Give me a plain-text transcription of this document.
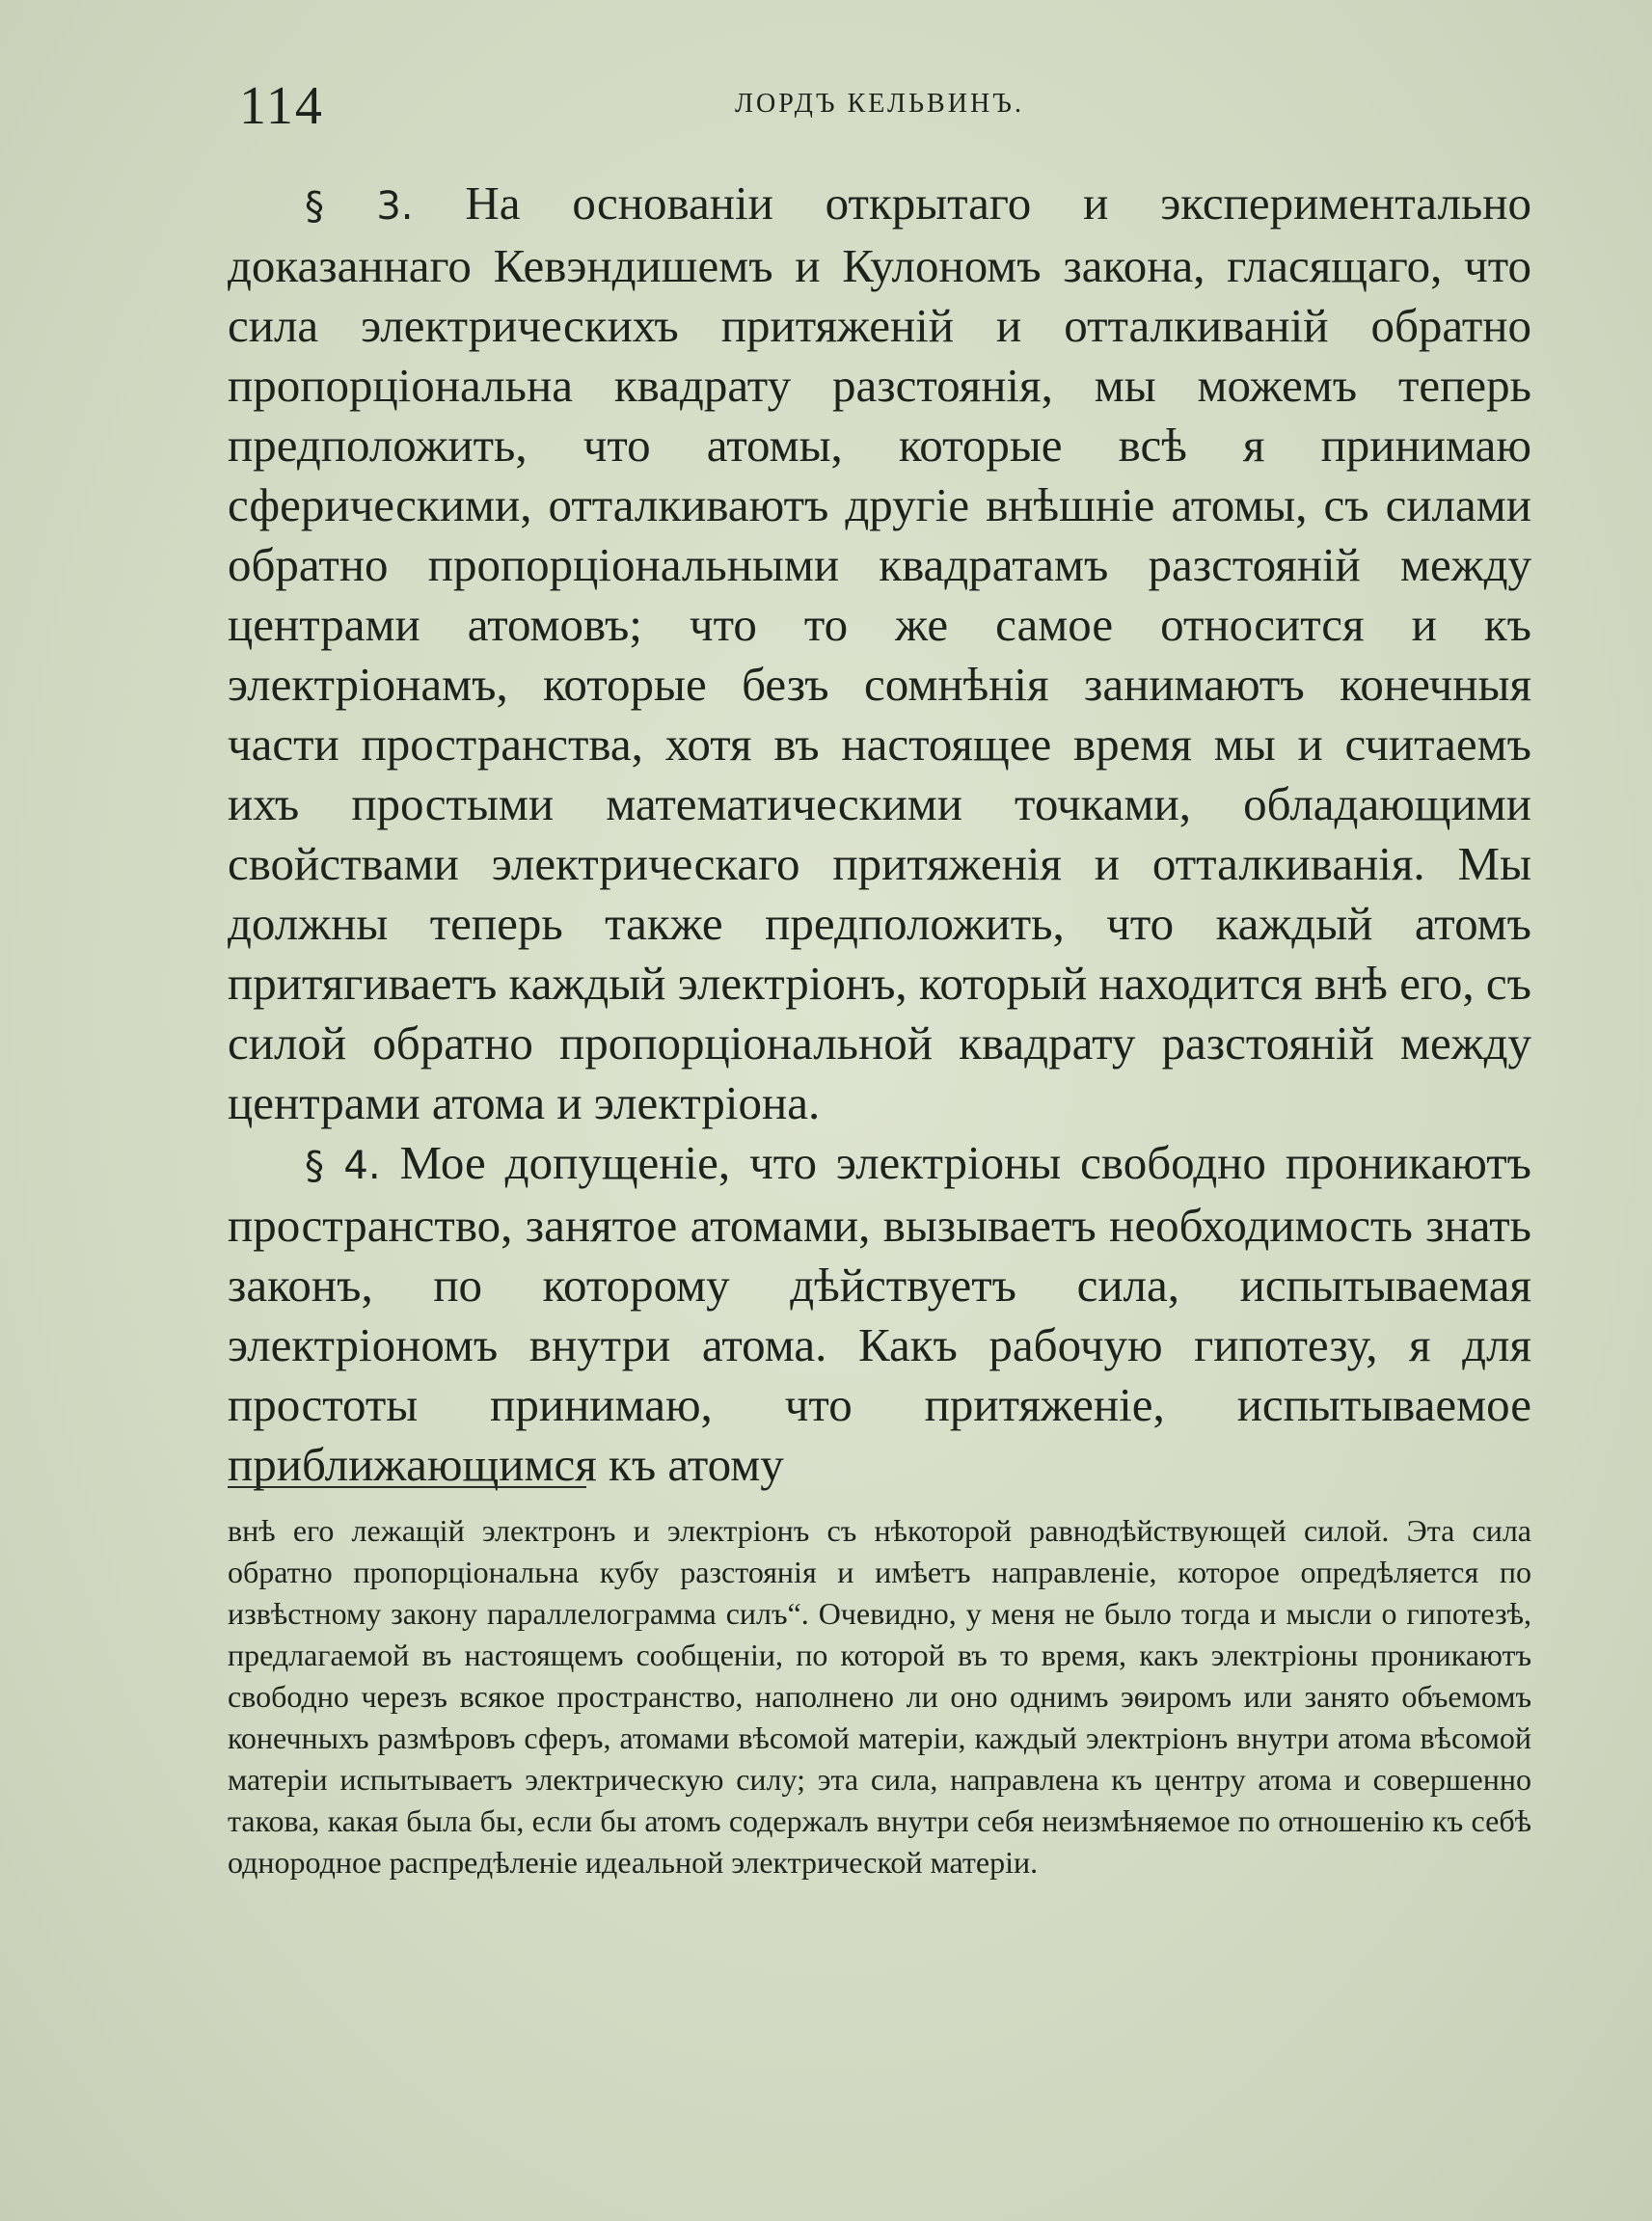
114	ЛОРДЪ КЕЛЬВИНЪ.

§ 3. На основаніи открытаго и экспериментально доказаннаго Кевэндишемъ и Кулономъ закона, гласящаго, что сила электрическихъ притяженій и отталкиваній обратно пропорціональна квадрату разстоянія, мы можемъ теперь предположить, что атомы, которые всѣ я принимаю сферическими, отталкиваютъ другіе внѣшніе атомы, съ силами обратно пропорціональными квадратамъ разстояній между центрами атомовъ; что то же самое относится и къ электріонамъ, которые безъ сомнѣнія занимаютъ конечныя части пространства, хотя въ настоящее время мы и считаемъ ихъ простыми математическими точками, обладающими свойствами электрическаго притяженія и отталкиванія. Мы должны теперь также предположить, что каждый атомъ притягиваетъ каждый электріонъ, который находится внѣ его, съ силой обратно пропорціональной квадрату разстояній между центрами атома и электріона.

§ 4. Мое допущеніе, что электріоны свободно проникаютъ пространство, занятое атомами, вызываетъ необходимость знать законъ, по которому дѣйствуетъ сила, испытываемая электріономъ внутри атома. Какъ рабочую гипотезу, я для простоты принимаю, что притяженіе, испытываемое приближающимся къ атому

внѣ его лежащій электронъ и электріонъ съ нѣкоторой равнодѣйствующей силой. Эта сила обратно пропорціональна кубу разстоянія и имѣетъ направленіе, которое опредѣляется по извѣстному закону параллелограмма силъ“. Очевидно, у меня не было тогда и мысли о гипотезѣ, предлагаемой въ настоящемъ сообщеніи, по которой въ то время, какъ электріоны проникаютъ свободно черезъ всякое пространство, наполнено ли оно однимъ эѳиромъ или занято объемомъ конечныхъ размѣровъ сферъ, атомами вѣсомой матеріи, каждый электріонъ внутри атома вѣсомой матеріи испытываетъ электрическую силу; эта сила, направлена къ центру атома и совершенно такова, какая была бы, если бы атомъ содержалъ внутри себя неизмѣняемое по отношенію къ себѣ однородное распредѣленіе идеальной электрической матеріи.
